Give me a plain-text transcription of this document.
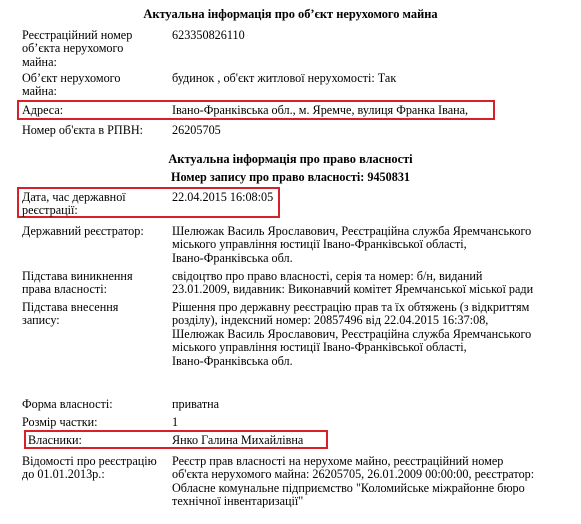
Актуальна інформація про об’єкт нерухомого майна
Реєстраційний номер
об’єкта нерухомого
майна:
623350826110
Об’єкт нерухомого
майна:
будинок , об'єкт житлової нерухомості: Так
Адреса:	Івано-Франківська обл., м. Яремче, вулиця Франка Івана,
Номер об'єкта в РПВН:	26205705
Актуальна інформація про право власності
Номер запису про право власності: 9450831
Дата, час державної
реєстрації:
22.04.2015 16:08:05
Державний реєстратор:	Шелюжак Василь Ярославович, Реєстраційна служба Яремчанського
міського управління юстиції Івано-Франківської області,
Івано-Франківська обл.
Підстава виникнення
права власності:
свідоцтво про право власності, серія та номер: б/н, виданий
23.01.2009, видавник: Виконавчий комітет Яремчанської міської ради
Підстава внесення
запису:
Рішення про державну реєстрацію прав та їх обтяжень (з відкриттям
розділу), індексний номер: 20857496 від 22.04.2015 16:37:08,
Шелюжак Василь Ярославович, Реєстраційна служба Яремчанського
міського управління юстиції Івано-Франківської області,
Івано-Франківська обл.
Форма власності:	приватна
Розмір частки:	1
Власники:	Янко Галина Михайлівна
Відомості про реєстрацію
до 01.01.2013р.:
Реєстр прав власності на нерухоме майно, реєстраційний номер
об'єкта нерухомого майна: 26205705, 26.01.2009 00:00:00, реєстратор:
Обласне комунальне підприємство "Коломийське міжрайонне бюро
технічної інвентаризації"
